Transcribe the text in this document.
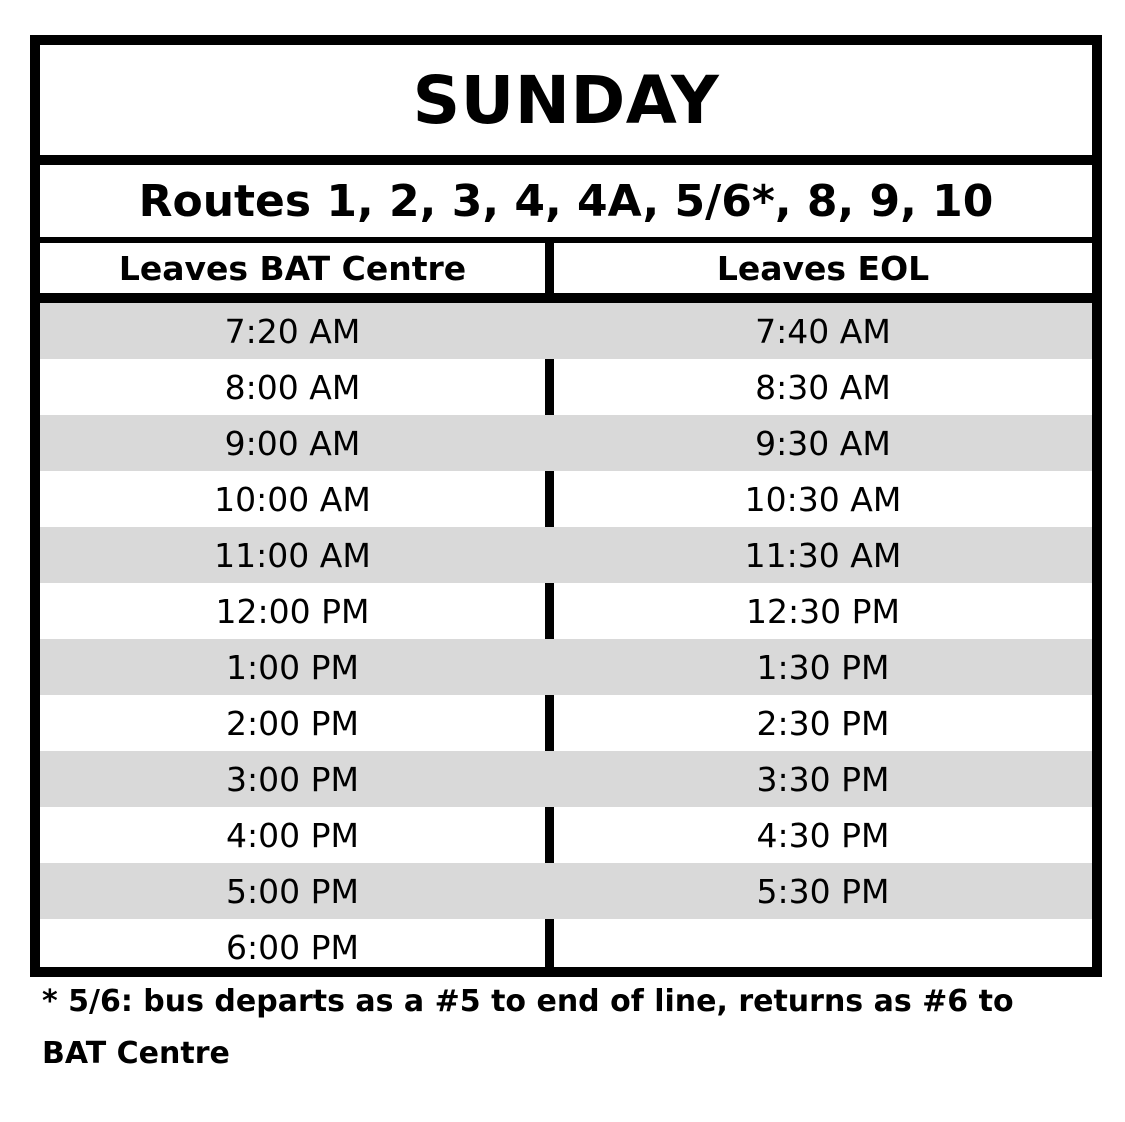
SUNDAY
Routes 1, 2, 3, 4, 4A, 5/6*, 8, 9, 10
Leaves BAT Centre	Leaves EOL
7:20 AM	7:40 AM
8:00 AM	8:30 AM
9:00 AM	9:30 AM
10:00 AM	10:30 AM
11:00 AM	11:30 AM
12:00 PM	12:30 PM
1:00 PM	1:30 PM
2:00 PM	2:30 PM
3:00 PM	3:30 PM
4:00 PM	4:30 PM
5:00 PM	5:30 PM
6:00 PM
* 5/6: bus departs as a #5 to end of line, returns as #6 to BAT Centre
